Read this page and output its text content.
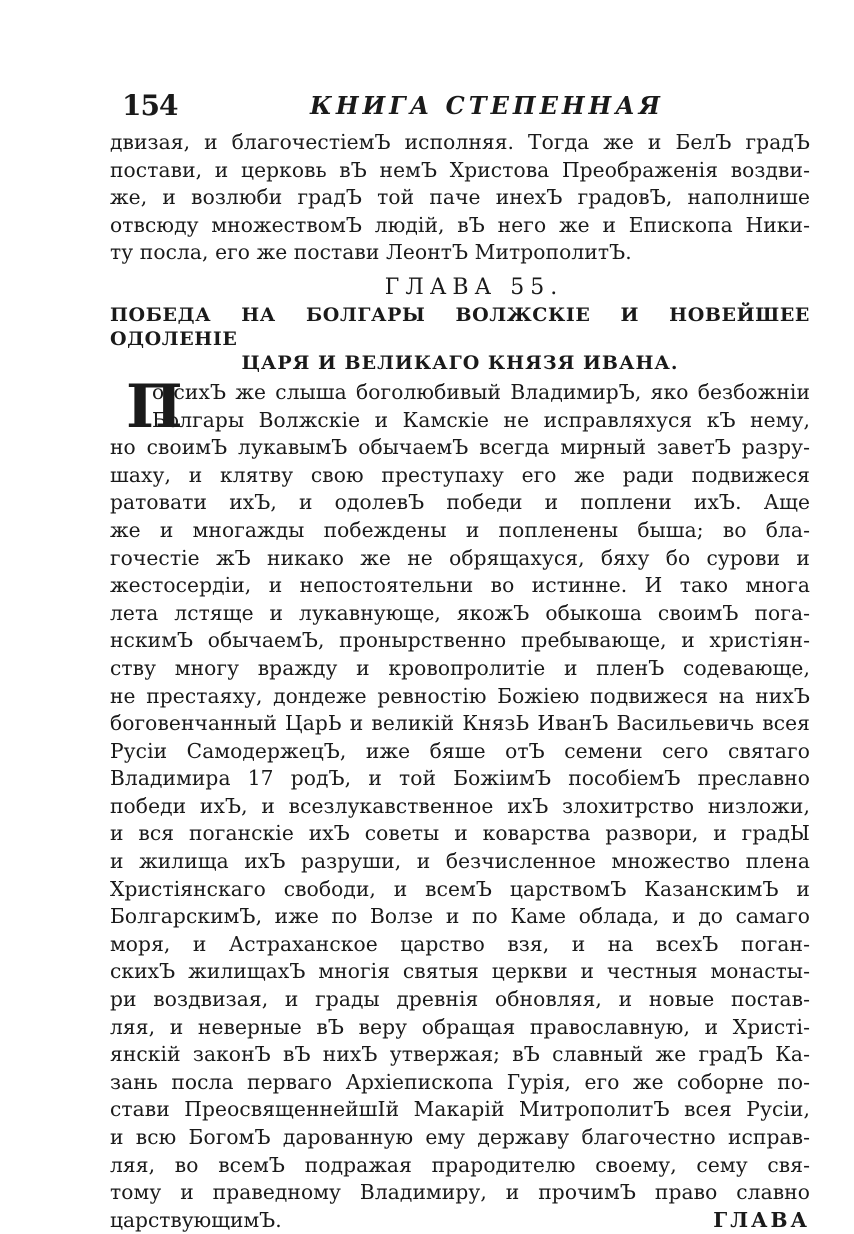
154	КНИГА СТЕПЕННАЯ
двизая, и благочестіемЪ исполняя. Тогда же и БелЪ градЪ
постави, и церковь вЪ немЪ Христова Преображенія воздви-
же, и возлюби градЪ той паче инехЪ градовЪ, наполнише
отвсюду множествомЪ людій, вЪ него же и Епископа Ники-
ту посла, его же постави ЛеонтЪ МитрополитЪ.
ГЛАВА 55.
ПОБЕДА НА БОЛГАРЫ ВОЛЖСКІЕ И НОВЕЙШЕЕ ОДОЛЕНІЕ
ЦАРЯ И ВЕЛИКАГО КНЯЗЯ ИВАНА.
П
о сихЪ же слыша боголюбивый ВладимирЪ, яко безбожніи
Болгары Волжскіе и Камскіе не исправляхуся кЪ нему,
но своимЪ лукавымЪ обычаемЪ всегда мирный заветЪ разру-
шаху, и клятву свою преступаху его же ради подвижеся
ратовати ихЪ, и одолевЪ победи и поплени ихЪ. Аще
же и многажды побеждены и попленены быша; во бла-
гочестіе жЪ никако же не обрящахуся, бяху бо сурови и
жестосердіи, и непостоятельни во истинне. И тако многа
лета лстяще и лукавнующе, якожЪ обыкоша своимЪ пога-
нскимЪ обычаемЪ, пронырственно пребывающе, и христіян-
ству многу вражду и кровопролитіе и пленЪ содевающе,
не престаяху, дондеже ревностію Божіею подвижеся на нихЪ
боговенчанный ЦарЬ и великій КнязЬ ИванЪ Васильевичь всея
Русіи СамодержецЪ, иже бяше отЪ семени сего святаго
Владимира 17 родЪ, и той БожіимЪ пособіемЪ преславно
победи ихЪ, и всезлукавственное ихЪ злохитрство низложи,
и вся поганскіе ихЪ советы и коварства развори, и градЫ
и жилища ихЪ разруши, и безчисленное множество плена
Христіянскаго свободи, и всемЪ царствомЪ КазанскимЪ и
БолгарскимЪ, иже по Волзе и по Каме облада, и до самаго
моря, и Астраханское царство взя, и на всехЪ поган-
скихЪ жилищахЪ многія святыя церкви и честныя монасты-
ри воздвизая, и грады древнія обновляя, и новые постав-
ляя, и неверные вЪ веру обращая православную, и Христі-
янскій законЪ вЪ нихЪ утвержая; вЪ славный же градЪ Ка-
зань посла перваго Архіепископа Гурія, его же соборне по-
стави ПреосвященнейшІй Макарій МитрополитЪ всея Русіи,
и всю БогомЪ дарованную ему державу благочестно исправ-
ляя, во всемЪ подражая прародителю своему, сему свя-
тому и праведному Владимиру, и прочимЪ право славно
царствующимЪ.	ГЛАВА
